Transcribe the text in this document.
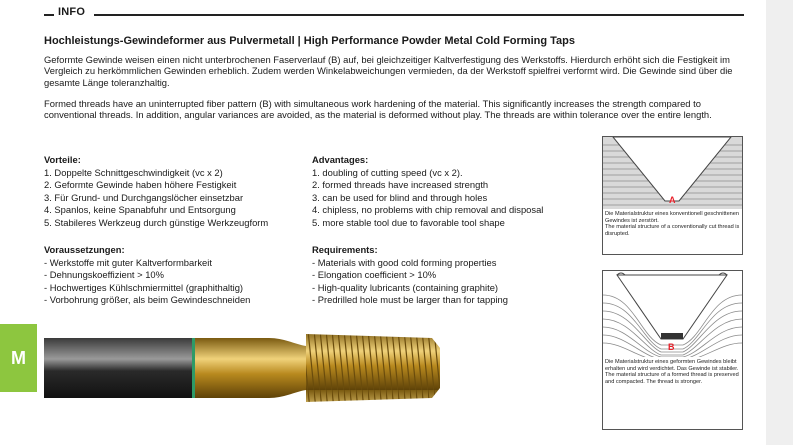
INFO
Hochleistungs-Gewindeformer aus Pulvermetall | High Performance Powder Metal Cold Forming Taps

Geformte Gewinde weisen einen nicht unterbrochenen Faserverlauf (B) auf, bei gleichzeitiger Kaltverfestigung des Werkstoffs. Hierdurch erhöht sich die Festigkeit im Vergleich zu herkömmlichen Gewinden erheblich. Zudem werden Winkelabweichungen vermieden, da der Werkstoff spielfrei verformt wird. Die Gewinde sind über die gesamte Länge toleranzhaltig.

Formed threads have an uninterrupted fiber pattern (B) with simultaneous work hardening of the material. This significantly increases the strength compared to conventional threads. In addition, angular variances are avoided, as the material is deformed without play. The threads are within tolerance over the entire length.

Vorteile:
1. Doppelte Schnittgeschwindigkeit (vc x 2)
2. Geformte Gewinde haben höhere Festigkeit
3. Für Grund- und Durchgangslöcher einsetzbar
4. Spanlos, keine Spanabfuhr und Entsorgung
5. Stabileres Werkzeug durch günstige Werkzeugform
Advantages:
1. doubling of cutting speed (vc x 2).
2. formed threads have increased strength
3. can be used for blind and through holes
4. chipless, no problems with chip removal and disposal
5. more stable tool due to favorable tool shape
Voraussetzungen:
- Werkstoffe mit guter Kaltverformbarkeit
- Dehnungskoeffizient > 10%
- Hochwertiges Kühlschmiermittel (graphithaltig)
- Vorbohrung größer, als beim Gewindeschneiden
Requirements:
- Materials with good cold forming properties
- Elongation coefficient > 10%
- High-quality lubricants (containing graphite)
- Predrilled hole must be larger than for tapping
A
Die Materialstruktur eines konventionell geschnittenen Gewindes ist zerstört.
The material structure of a conventionally cut thread is disrupted.
B
Die Materialstruktur eines geformten Gewindes bleibt erhalten und wird verdichtet. Das Gewinde ist stabiler.
The material structure of a formed thread is preserved and compacted. The thread is stronger.
M
